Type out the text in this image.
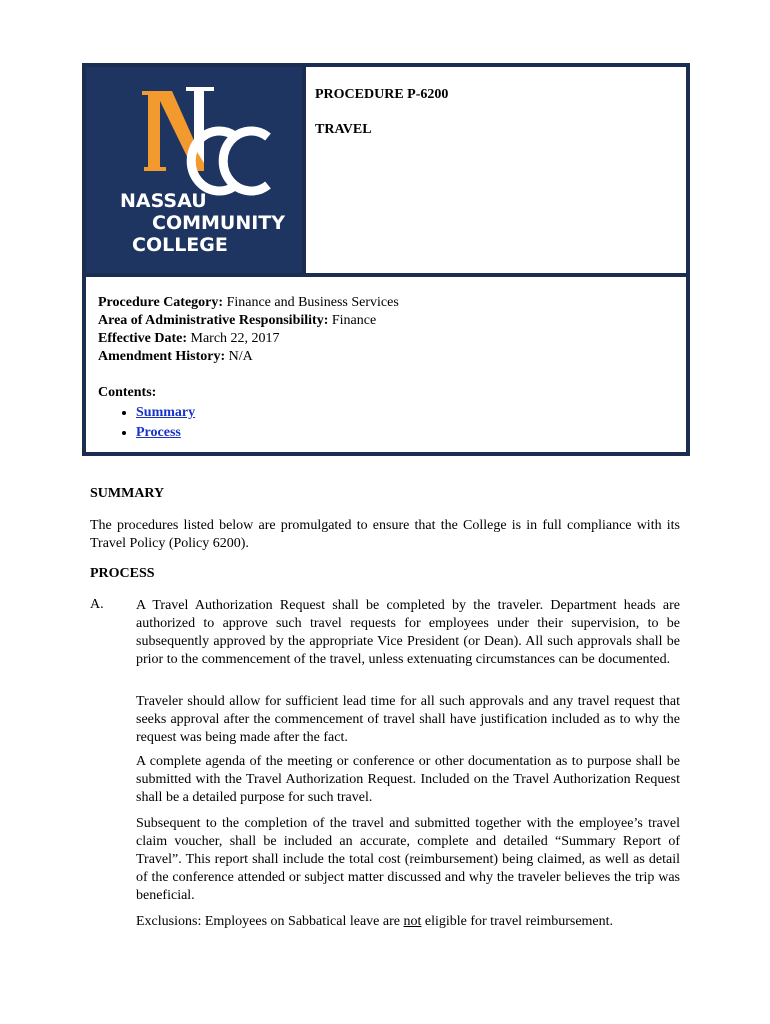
NASSAU
COMMUNITY
COLLEGE
PROCEDURE P-6200
TRAVEL
Procedure Category: Finance and Business Services
Area of Administrative Responsibility: Finance
Effective Date: March 22, 2017
Amendment History: N/A
Contents:
• Summary
• Process
SUMMARY
The procedures listed below are promulgated to ensure that the College is in full compliance with its Travel Policy (Policy 6200).
PROCESS
A. A Travel Authorization Request shall be completed by the traveler. Department heads are authorized to approve such travel requests for employees under their supervision, to be subsequently approved by the appropriate Vice President (or Dean). All such approvals shall be prior to the commencement of the travel, unless extenuating circumstances can be documented.
Traveler should allow for sufficient lead time for all such approvals and any travel request that seeks approval after the commencement of travel shall have justification included as to why the request was being made after the fact.
A complete agenda of the meeting or conference or other documentation as to purpose shall be submitted with the Travel Authorization Request. Included on the Travel Authorization Request shall be a detailed purpose for such travel.
Subsequent to the completion of the travel and submitted together with the employee’s travel claim voucher, shall be included an accurate, complete and detailed “Summary Report of Travel”. This report shall include the total cost (reimbursement) being claimed, as well as detail of the conference attended or subject matter discussed and why the traveler believes the trip was beneficial.
Exclusions: Employees on Sabbatical leave are not eligible for travel reimbursement.
